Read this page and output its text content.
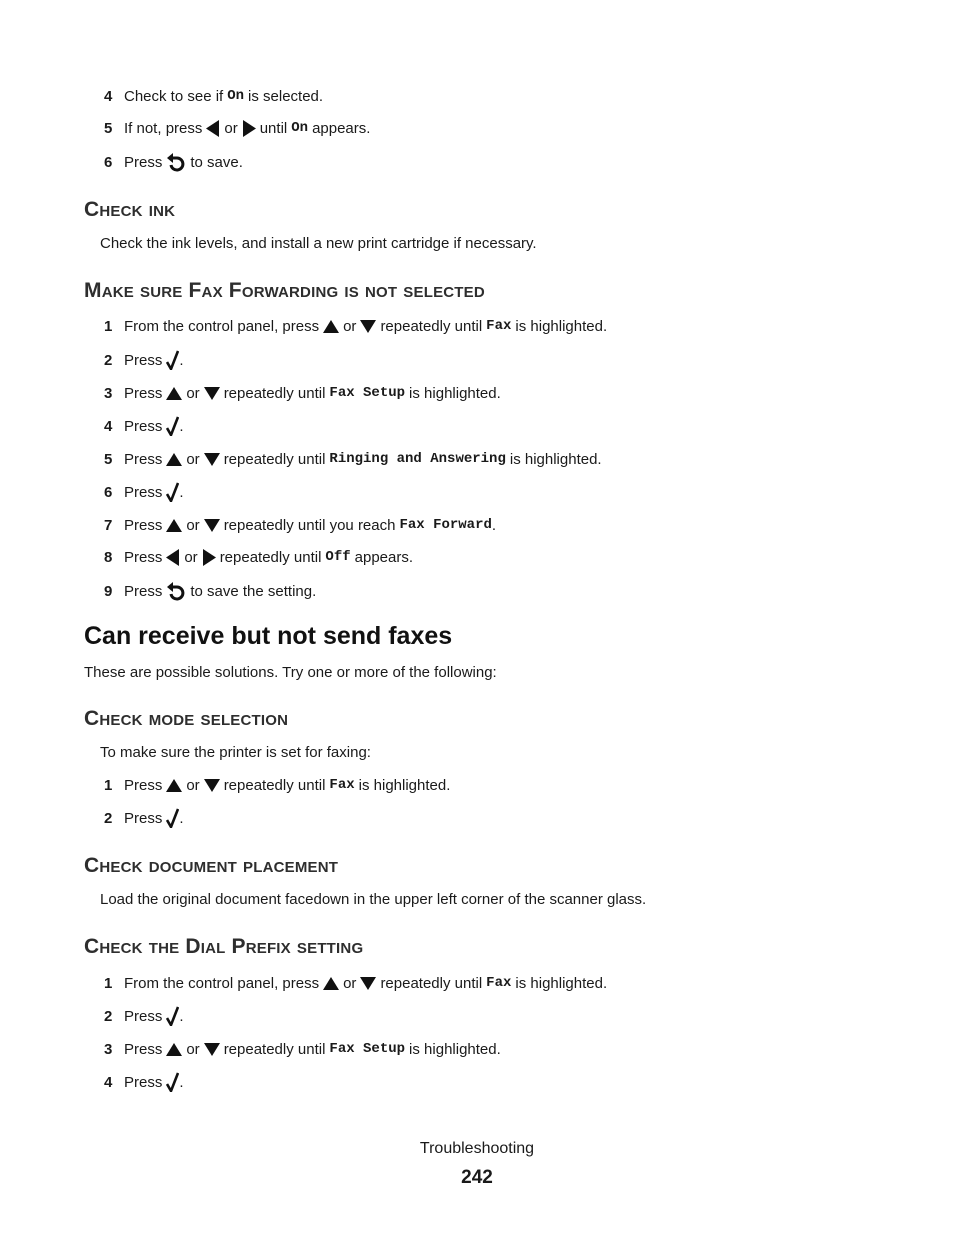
4 Check to see if On is selected.
5 If not, press or until On appears.
6 Press to save.
Check ink
Check the ink levels, and install a new print cartridge if necessary.
Make sure Fax Forwarding is not selected
1 From the control panel, press or repeatedly until Fax is highlighted.
2 Press .
3 Press or repeatedly until Fax Setup is highlighted.
4 Press .
5 Press or repeatedly until Ringing and Answering is highlighted.
6 Press .
7 Press or repeatedly until you reach Fax Forward .
8 Press or repeatedly until Off appears.
9 Press to save the setting.
Can receive but not send faxes
These are possible solutions. Try one or more of the following:
Check mode selection
To make sure the printer is set for faxing:
1 Press or repeatedly until Fax is highlighted.
2 Press .
Check document placement
Load the original document facedown in the upper left corner of the scanner glass.
Check the Dial Prefix setting
1 From the control panel, press or repeatedly until Fax is highlighted.
2 Press .
3 Press or repeatedly until Fax Setup is highlighted.
4 Press .
Troubleshooting
242
